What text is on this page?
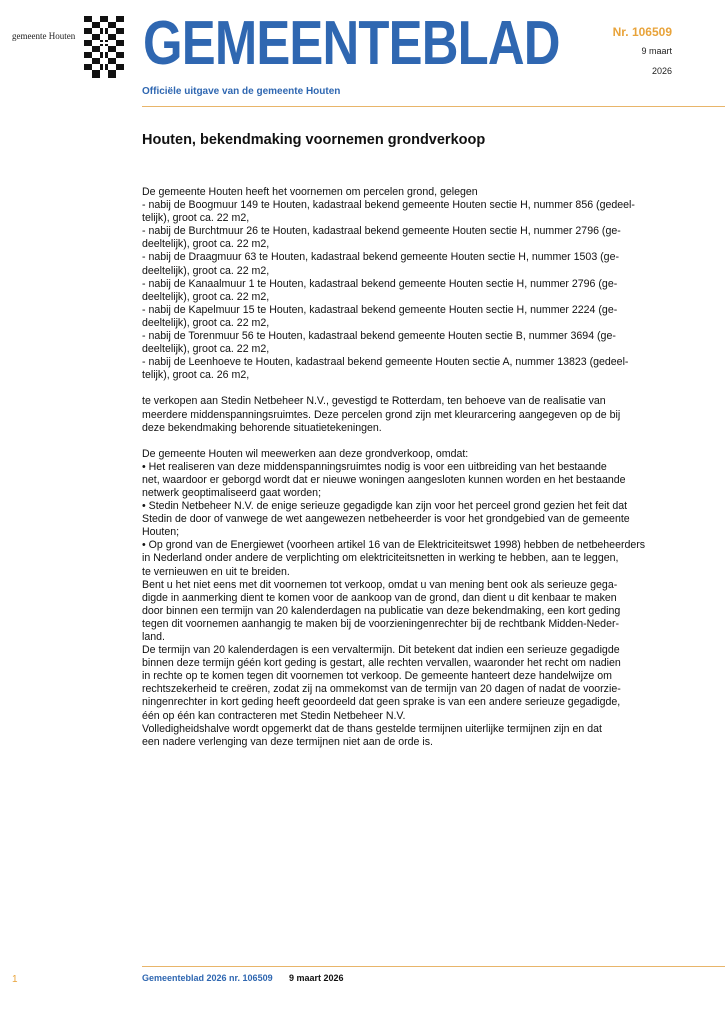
gemeente Houten GEMEENTEBLAD
Officiële uitgave van de gemeente Houten
Nr. 106509
9 maart
2026
Houten, bekendmaking voornemen grondverkoop

De gemeente Houten heeft het voornemen om percelen grond, gelegen

- nabij de Boogmuur 149 te Houten, kadastraal bekend gemeente Houten sectie H, nummer 856 (gedeel-

telijk), groot ca. 22 m2,

- nabij de Burchtmuur 26 te Houten, kadastraal bekend gemeente Houten sectie H, nummer 2796 (ge-

deeltelijk), groot ca. 22 m2,

- nabij de Draagmuur 63 te Houten, kadastraal bekend gemeente Houten sectie H, nummer 1503 (ge-

deeltelijk), groot ca. 22 m2,

- nabij de Kanaalmuur 1 te Houten, kadastraal bekend gemeente Houten sectie H, nummer 2796 (ge-

deeltelijk), groot ca. 22 m2,

- nabij de Kapelmuur 15 te Houten, kadastraal bekend gemeente Houten sectie H, nummer 2224 (ge-

deeltelijk), groot ca. 22 m2,

- nabij de Torenmuur 56 te Houten, kadastraal bekend gemeente Houten sectie B, nummer 3694 (ge-

deeltelijk), groot ca. 22 m2,

- nabij de Leenhoeve te Houten, kadastraal bekend gemeente Houten sectie A, nummer 13823 (gedeel-

telijk), groot ca. 26 m2,

te verkopen aan Stedin Netbeheer N.V., gevestigd te Rotterdam, ten behoeve van de realisatie van

meerdere middenspanningsruimtes. Deze percelen grond zijn met kleurarcering aangegeven op de bij

deze bekendmaking behorende situatietekeningen.

De gemeente Houten wil meewerken aan deze grondverkoop, omdat:

• Het realiseren van deze middenspanningsruimtes nodig is voor een uitbreiding van het bestaande

net, waardoor er geborgd wordt dat er nieuwe woningen aangesloten kunnen worden en het bestaande

netwerk geoptimaliseerd gaat worden;

• Stedin Netbeheer N.V. de enige serieuze gegadigde kan zijn voor het perceel grond gezien het feit dat

Stedin de door of vanwege de wet aangewezen netbeheerder is voor het grondgebied van de gemeente

Houten;

• Op grond van de Energiewet (voorheen artikel 16 van de Elektriciteitswet 1998) hebben de netbeheerders

in Nederland onder andere de verplichting om elektriciteitsnetten in werking te hebben, aan te leggen,

te vernieuwen en uit te breiden.

Bent u het niet eens met dit voornemen tot verkoop, omdat u van mening bent ook als serieuze gega-

digde in aanmerking dient te komen voor de aankoop van de grond, dan dient u dit kenbaar te maken

door binnen een termijn van 20 kalenderdagen na publicatie van deze bekendmaking, een kort geding

tegen dit voornemen aanhangig te maken bij de voorzieningenrechter bij de rechtbank Midden-Neder-

land.

De termijn van 20 kalenderdagen is een vervaltermijn. Dit betekent dat indien een serieuze gegadigde

binnen deze termijn géén kort geding is gestart, alle rechten vervallen, waaronder het recht om nadien

in rechte op te komen tegen dit voornemen tot verkoop. De gemeente hanteert deze handelwijze om

rechtszekerheid te creëren, zodat zij na ommekomst van de termijn van 20 dagen of nadat de voorzie-

ningenrechter in kort geding heeft geoordeeld dat geen sprake is van een andere serieuze gegadigde,

één op één kan contracteren met Stedin Netbeheer N.V.

Volledigheidshalve wordt opgemerkt dat de thans gestelde termijnen uiterlijke termijnen zijn en dat

een nadere verlenging van deze termijnen niet aan de orde is.

1	Gemeenteblad 2026 nr. 106509 9 maart 2026
